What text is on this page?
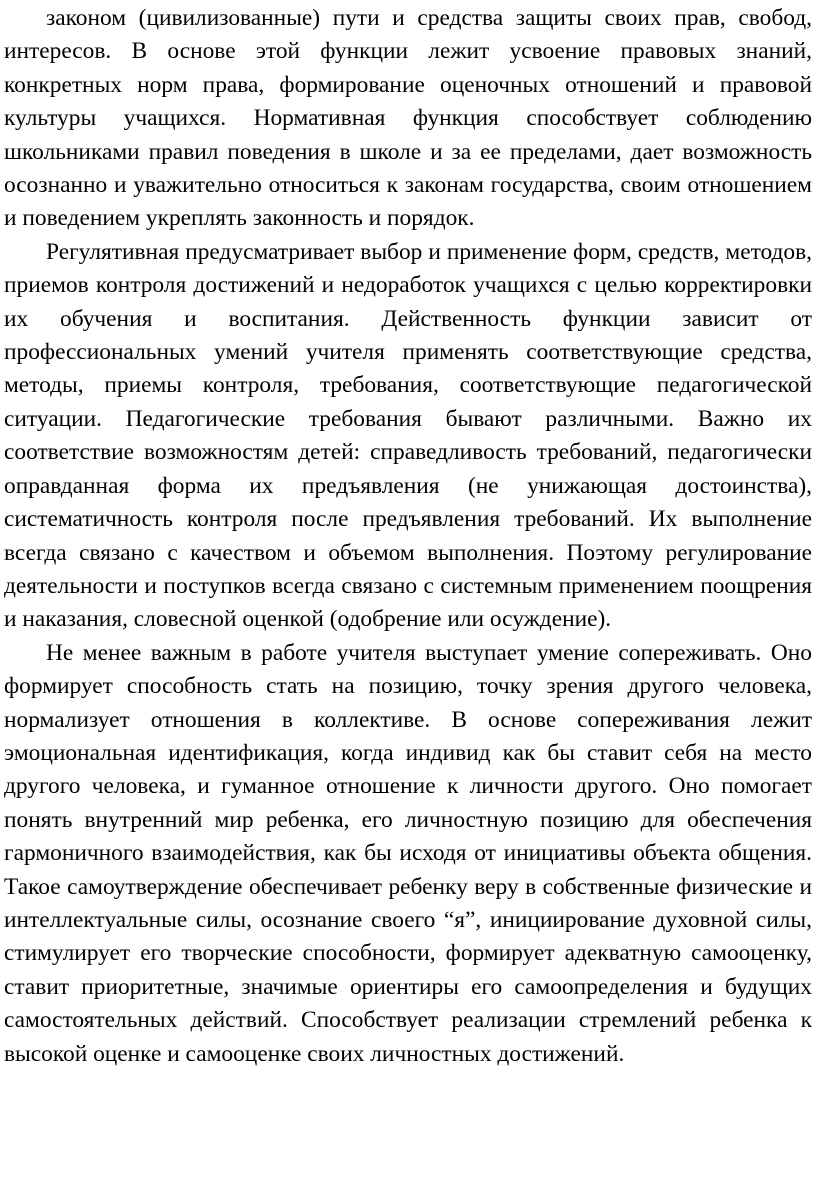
законом (цивилизованные) пути и средства защиты своих прав, свобод, интересов. В основе этой функции лежит усвоение правовых знаний, конкретных норм права, формирование оценочных отношений и правовой культуры учащихся. Нормативная функция способствует соблюдению школьниками правил поведения в школе и за ее пределами, дает возможность осознанно и уважительно относиться к законам государства, своим отношением и поведением укреплять законность и порядок.

Регулятивная предусматривает выбор и применение форм, средств, методов, приемов контроля достижений и недоработок учащихся с целью корректировки их обучения и воспитания. Действенность функции зависит от профессиональных умений учителя применять соответствующие средства, методы, приемы контроля, требования, соответствующие педагогической ситуации. Педагогические требования бывают различными. Важно их соответствие возможностям детей: справедливость требований, педагогически оправданная форма их предъявления (не унижающая достоинства), систематичность контроля после предъявления требований. Их выполнение всегда связано с качеством и объемом выполнения. Поэтому регулирование деятельности и поступков всегда связано с системным применением поощрения и наказания, словесной оценкой (одобрение или осуждение).

Не менее важным в работе учителя выступает умение сопереживать. Оно формирует способность стать на позицию, точку зрения другого человека, нормализует отношения в коллективе. В основе сопереживания лежит эмоциональная идентификация, когда индивид как бы ставит себя на место другого человека, и гуманное отношение к личности другого. Оно помогает понять внутренний мир ребенка, его личностную позицию для обеспечения гармоничного взаимодействия, как бы исходя от инициативы объекта общения. Такое самоутверждение обеспечивает ребенку веру в собственные физические и интеллектуальные силы, осознание своего “я”, инициирование духовной силы, стимулирует его творческие способности, формирует адекватную самооценку, ставит приоритетные, значимые ориентиры его самоопределения и будущих самостоятельных действий. Способствует реализации стремлений ребенка к высокой оценке и самооценке своих личностных достижений.
